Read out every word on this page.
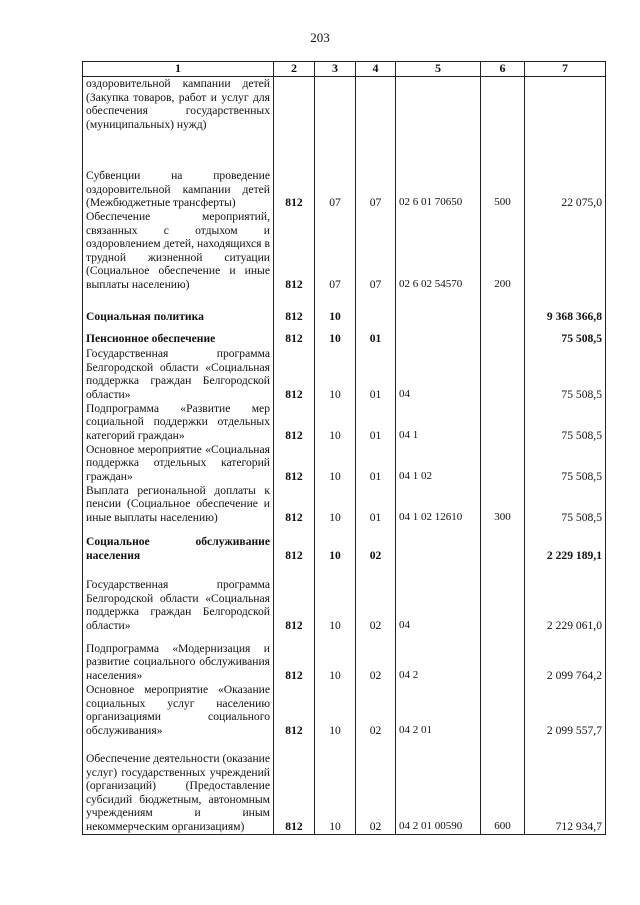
203
1	2	3	4	5	6	7
оздоровительной кампании детей (Закупка товаров, работ и услуг для обеспечения государственных (муниципальных) нужд)						
Субвенции на проведение оздоровительной кампании детей (Межбюджетные трансферты)	812	07	07	02 6 01 70650	500	22 075,0
Обеспечение мероприятий, связанных с отдыхом и оздоровлением детей, находящихся в трудной жизненной ситуации (Социальное обеспечение и иные выплаты населению)	812	07	07	02 6 02 54570	200	
Социальная политика	812	10				9 368 366,8
Пенсионное обеспечение	812	10	01			75 508,5
Государственная программа Белгородской области «Социальная поддержка граждан Белгородской области»	812	10	01	04		75 508,5
Подпрограмма «Развитие мер социальной поддержки отдельных категорий граждан»	812	10	01	04 1		75 508,5
Основное мероприятие «Социальная поддержка отдельных категорий граждан»	812	10	01	04 1 02		75 508,5
Выплата региональной доплаты к пенсии (Социальное обеспечение и иные выплаты населению)	812	10	01	04 1 02 12610	300	75 508,5
Социальное обслуживание населения	812	10	02			2 229 189,1
Государственная программа Белгородской области «Социальная поддержка граждан Белгородской области»	812	10	02	04		2 229 061,0
Подпрограмма «Модернизация и развитие социального обслуживания населения»	812	10	02	04 2		2 099 764,2
Основное мероприятие «Оказание социальных услуг населению организациями социального обслуживания»	812	10	02	04 2 01		2 099 557,7
Обеспечение деятельности (оказание услуг) государственных учреждений (организаций) (Предоставление субсидий бюджетным, автономным учреждениям и иным некоммерческим организациям)	812	10	02	04 2 01 00590	600	712 934,7
